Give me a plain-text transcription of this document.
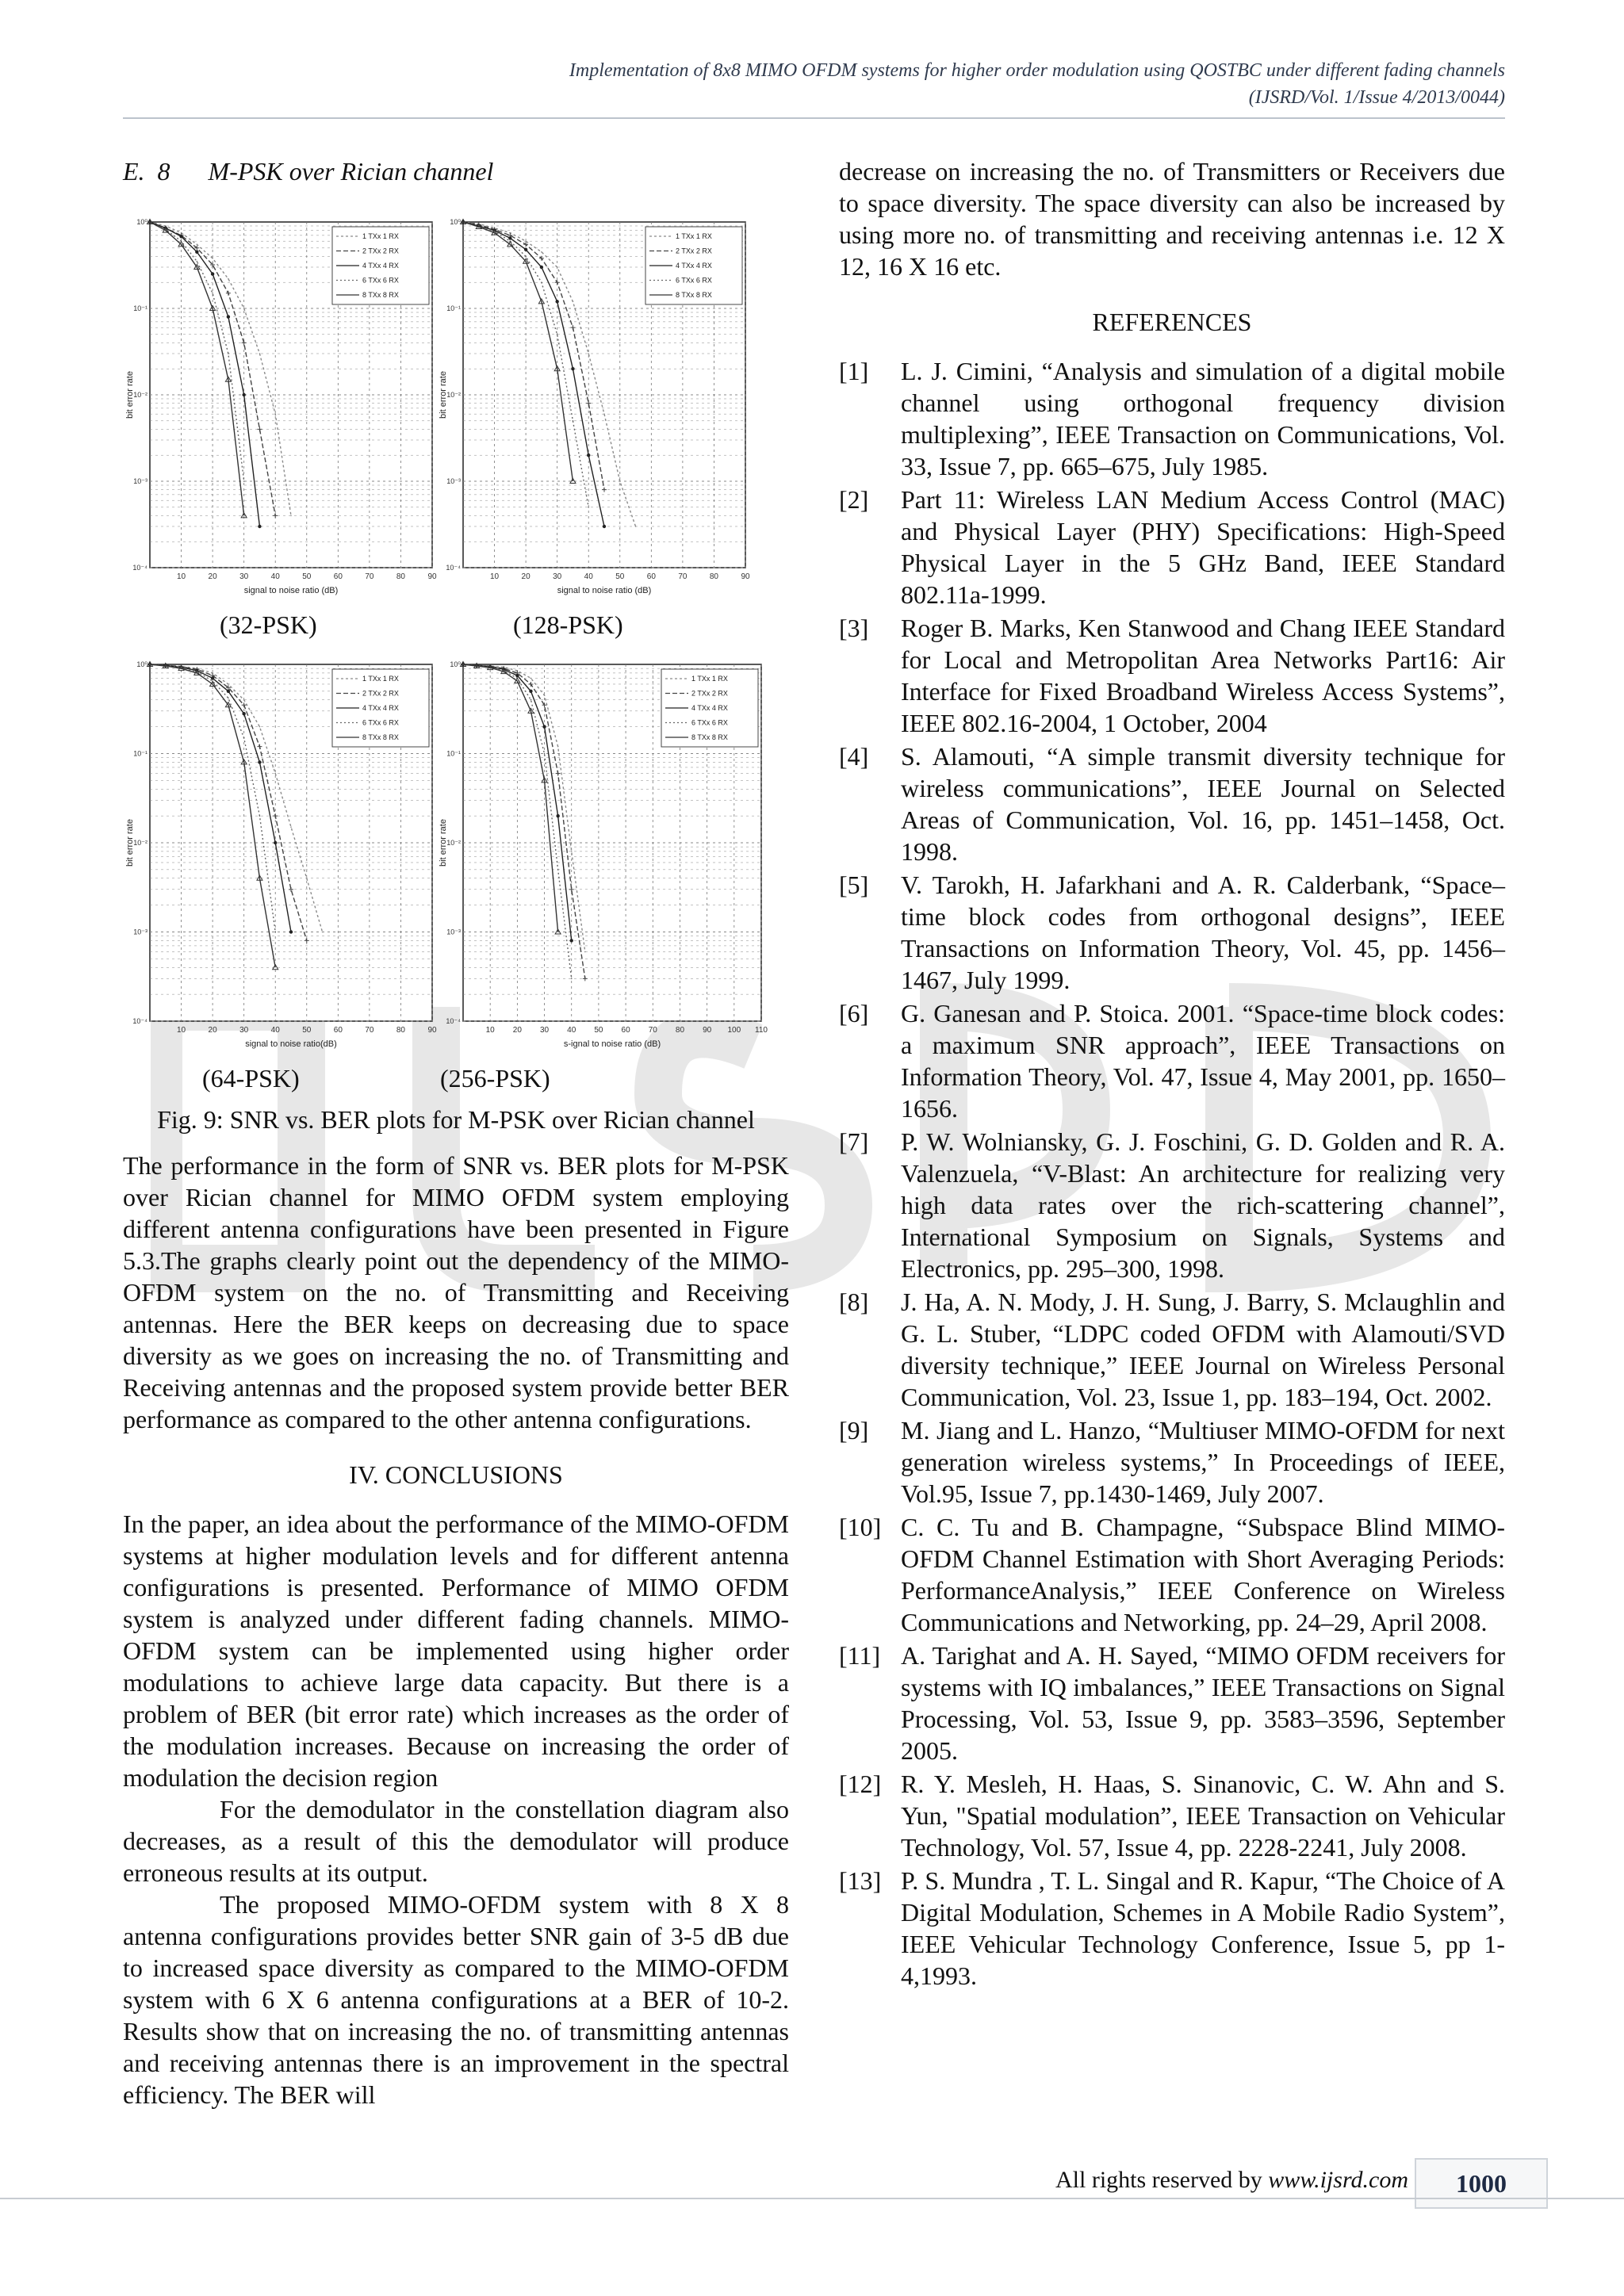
Implementation of 8x8 MIMO OFDM systems for higher order modulation using QOSTBC under different fading channels
(IJSRD/Vol. 1/Issue 4/2013/0044)
E.  8 M-PSK over Rician channel
10	20	30	40	50	60	70	80	90
10⁰
10⁻¹
10⁻²
10⁻³
10⁻⁴
bit error rate
signal to noise ratio (dB)
1 TXx 1 RX
2 TXx 2 RX
4 TXx 4 RX
6 TXx 6 RX
8 TXx 8 RX
10	20	30	40	50	60	70	80	90
10⁰
10⁻¹
10⁻²
10⁻³
10⁻⁴
bit error rate
signal to noise ratio (dB)
1 TXx 1 RX
2 TXx 2 RX
4 TXx 4 RX
6 TXx 6 RX
8 TXx 8 RX
(32-PSK)	(128-PSK)
10	20	30	40	50	60	70	80	90
10⁰
10⁻¹
10⁻²
10⁻³
10⁻⁴
bit error rate
signal to noise ratio(dB)
1 TXx 1 RX
2 TXx 2 RX
4 TXx 4 RX
6 TXx 6 RX
8 TXx 8 RX
10 20 30 40 50 60 70 80 90 100 110
10⁰
10⁻¹
10⁻²
10⁻³
10⁻⁴
bit error rate
s-ignal to noise ratio (dB)
1 TXx 1 RX
2 TXx 2 RX
4 TXx 4 RX
6 TXx 6 RX
8 TXx 8 RX
(64-PSK)	(256-PSK)
Fig. 9: SNR vs. BER plots for M-PSK over Rician channel

The performance in the form of SNR vs. BER plots for M-PSK over Rician channel for MIMO OFDM system employing different antenna configurations have been presented in Figure 5.3.The graphs clearly point out the dependency of the MIMO-OFDM system on the no. of Transmitting and Receiving antennas. Here the BER keeps on decreasing due to space diversity as we goes on increasing the no. of Transmitting and Receiving antennas and the proposed system provide better BER performance as compared to the other antenna configurations.

IV. CONCLUSIONS

In the paper, an idea about the performance of the MIMO-OFDM systems at higher modulation levels and for different antenna configurations is presented. Performance of MIMO OFDM system is analyzed under different fading channels. MIMO-OFDM system can be implemented using higher order modulations to achieve large data capacity. But there is a problem of BER (bit error rate) which increases as the order of the modulation increases. Because on increasing the order of modulation the decision region

For the demodulator in the constellation diagram also decreases, as a result of this the demodulator will produce erroneous results at its output.

The proposed MIMO-OFDM system with 8 X 8 antenna configurations provides better SNR gain of 3-5 dB due to increased space diversity as compared to the MIMO-OFDM system with 6 X 6 antenna configurations at a BER of 10-2. Results show that on increasing the no. of transmitting antennas and receiving antennas there is an improvement in the spectral efficiency. The BER will

decrease on increasing the no. of Transmitters or Receivers due to space diversity. The space diversity can also be increased by using more no. of transmitting and receiving antennas i.e. 12 X 12, 16 X 16 etc.

REFERENCES
[1] L. J. Cimini, “Analysis and simulation of a digital mobile channel using orthogonal frequency division multiplexing”, IEEE Transaction on Communications, Vol. 33, Issue 7, pp. 665–675, July 1985.
[2] Part 11: Wireless LAN Medium Access Control (MAC) and Physical Layer (PHY) Specifications: High-Speed Physical Layer in the 5 GHz Band, IEEE Standard 802.11a-1999.
[3] Roger B. Marks, Ken Stanwood and Chang IEEE Standard for Local and Metropolitan Area Networks Part16: Air Interface for Fixed Broadband Wireless Access Systems”, IEEE 802.16-2004, 1 October, 2004
[4] S. Alamouti, “A simple transmit diversity technique for wireless communications”, IEEE Journal on Selected Areas of Communication, Vol. 16, pp. 1451–1458, Oct. 1998.
[5] V. Tarokh, H. Jafarkhani and A. R. Calderbank, “Space–time block codes from orthogonal designs”, IEEE Transactions on Information Theory, Vol. 45, pp. 1456–1467, July 1999.
[6] G. Ganesan and P. Stoica. 2001. “Space-time block codes: a maximum SNR approach”, IEEE Transactions on Information Theory, Vol. 47, Issue 4, May 2001, pp. 1650–1656.
[7] P. W. Wolniansky, G. J. Foschini, G. D. Golden and R. A. Valenzuela, “V-Blast: An architecture for realizing very high data rates over the rich-scattering channel”, International Symposium on Signals, Systems and Electronics, pp. 295–300, 1998.
[8] J. Ha, A. N. Mody, J. H. Sung, J. Barry, S. Mclaughlin and G. L. Stuber, “LDPC coded OFDM with Alamouti/SVD diversity technique,” IEEE Journal on Wireless Personal Communication, Vol. 23, Issue 1, pp. 183–194, Oct. 2002.
[9] M. Jiang and L. Hanzo, “Multiuser MIMO-OFDM for next generation wireless systems,” In Proceedings of IEEE, Vol.95, Issue 7, pp.1430-1469, July 2007.
[10] C. C. Tu and B. Champagne, “Subspace Blind MIMO-OFDM Channel Estimation with Short Averaging Periods: PerformanceAnalysis,” IEEE Conference on Wireless Communications and Networking, pp. 24–29, April 2008.
[11] A. Tarighat and A. H. Sayed, “MIMO OFDM receivers for systems with IQ imbalances,” IEEE Transactions on Signal Processing, Vol. 53, Issue 9, pp. 3583–3596, September 2005.
[12] R. Y. Mesleh, H. Haas, S. Sinanovic, C. W. Ahn and S. Yun, "Spatial modulation”, IEEE Transaction on Vehicular Technology, Vol. 57, Issue 4, pp. 2228-2241, July 2008.
[13] P. S. Mundra , T. L. Singal and R. Kapur, “The Choice of A Digital Modulation, Schemes in A Mobile Radio System”, IEEE Vehicular Technology Conference, Issue 5, pp 1- 4,1993.
All rights reserved by www.ijsrd.com	1000
